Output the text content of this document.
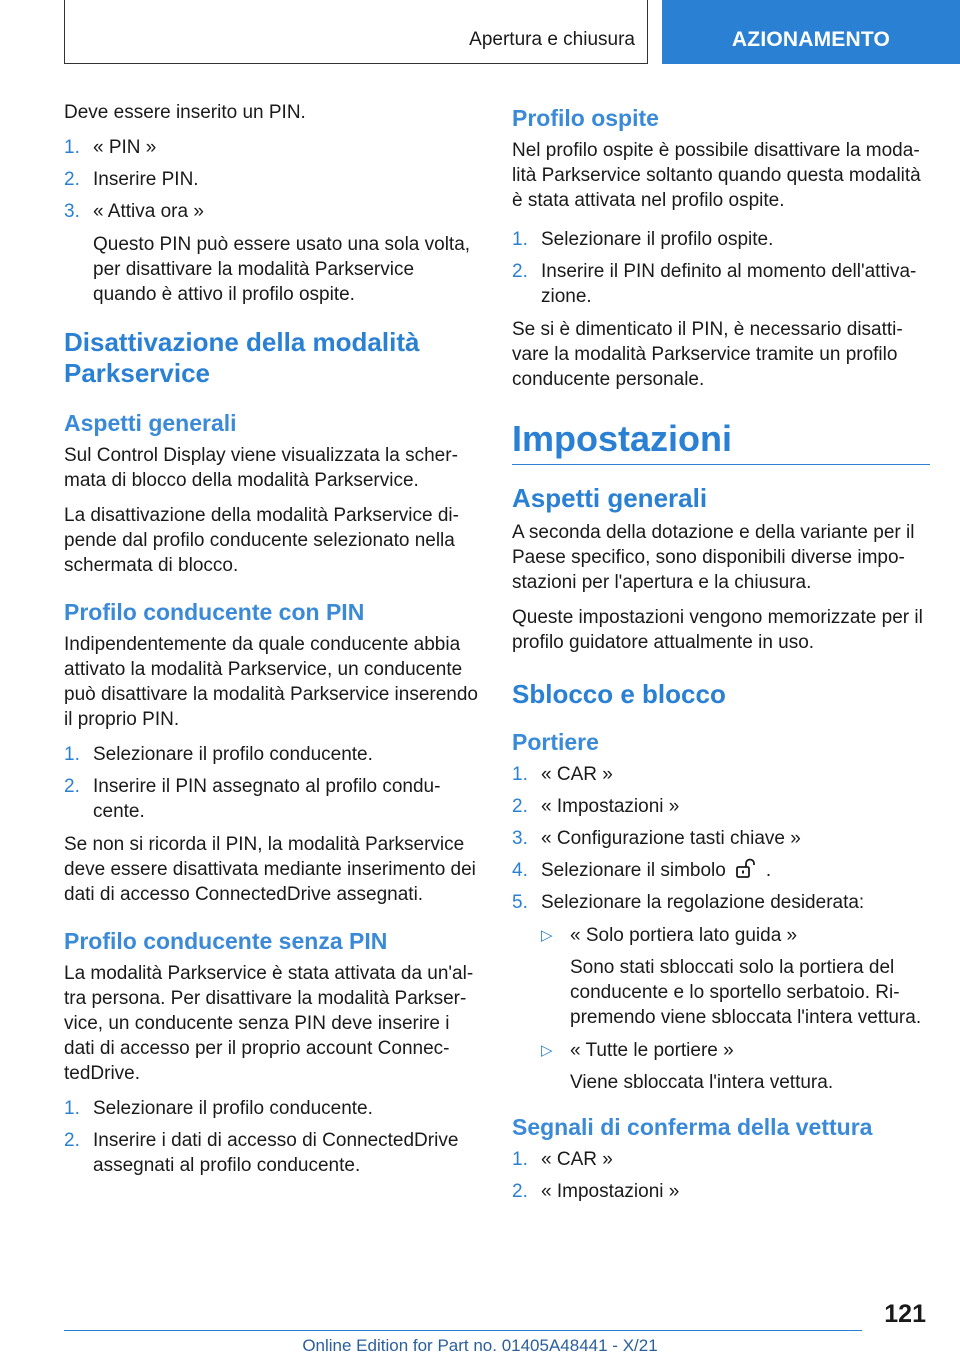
Apertura e chiusura	AZIONAMENTO

Deve essere inserito un PIN.

1. « PIN »
2. Inserire PIN.
3. « Attiva ora »
Questo PIN può essere usato una sola volta, per disattivare la modalità Parkservice quando è attivo il profilo ospite.
Disattivazione della modalità Parkservice
Aspetti generali

Sul Control Display viene visualizzata la schermata di blocco della modalità Parkservice.

La disattivazione della modalità Parkservice dipende dal profilo conducente selezionato nella schermata di blocco.

Profilo conducente con PIN

Indipendentemente da quale conducente abbia attivato la modalità Parkservice, un conducente può disattivare la modalità Parkservice inserendo il proprio PIN.

1. Selezionare il profilo conducente.
2. Inserire il PIN assegnato al profilo conducente.

Se non si ricorda il PIN, la modalità Parkservice deve essere disattivata mediante inserimento dei dati di accesso ConnectedDrive assegnati.

Profilo conducente senza PIN

La modalità Parkservice è stata attivata da un'altra persona. Per disattivare la modalità Parkservice, un conducente senza PIN deve inserire i dati di accesso per il proprio account ConnectedDrive.

1. Selezionare il profilo conducente.
2. Inserire i dati di accesso di ConnectedDrive assegnati al profilo conducente.
Profilo ospite

Nel profilo ospite è possibile disattivare la modalità Parkservice soltanto quando questa modalità è stata attivata nel profilo ospite.

1. Selezionare il profilo ospite.
2. Inserire il PIN definito al momento dell'attivazione.

Se si è dimenticato il PIN, è necessario disattivare la modalità Parkservice tramite un profilo conducente personale.

Impostazioni
Aspetti generali

A seconda della dotazione e della variante per il Paese specifico, sono disponibili diverse impostazioni per l'apertura e la chiusura.

Queste impostazioni vengono memorizzate per il profilo guidatore attualmente in uso.

Sblocco e blocco
Portiere
1. « CAR »
2. « Impostazioni »
3. « Configurazione tasti chiave »
4. Selezionare il simbolo .
5. Selezionare la regolazione desiderata:
▷ « Solo portiera lato guida »
Sono stati sbloccati solo la portiera del conducente e lo sportello serbatoio. Ripremendo viene sbloccata l'intera vettura.
▷ « Tutte le portiere »
Viene sbloccata l'intera vettura.
Segnali di conferma della vettura
1. « CAR »
2. « Impostazioni »
121
Online Edition for Part no. 01405A48441 - X/21
